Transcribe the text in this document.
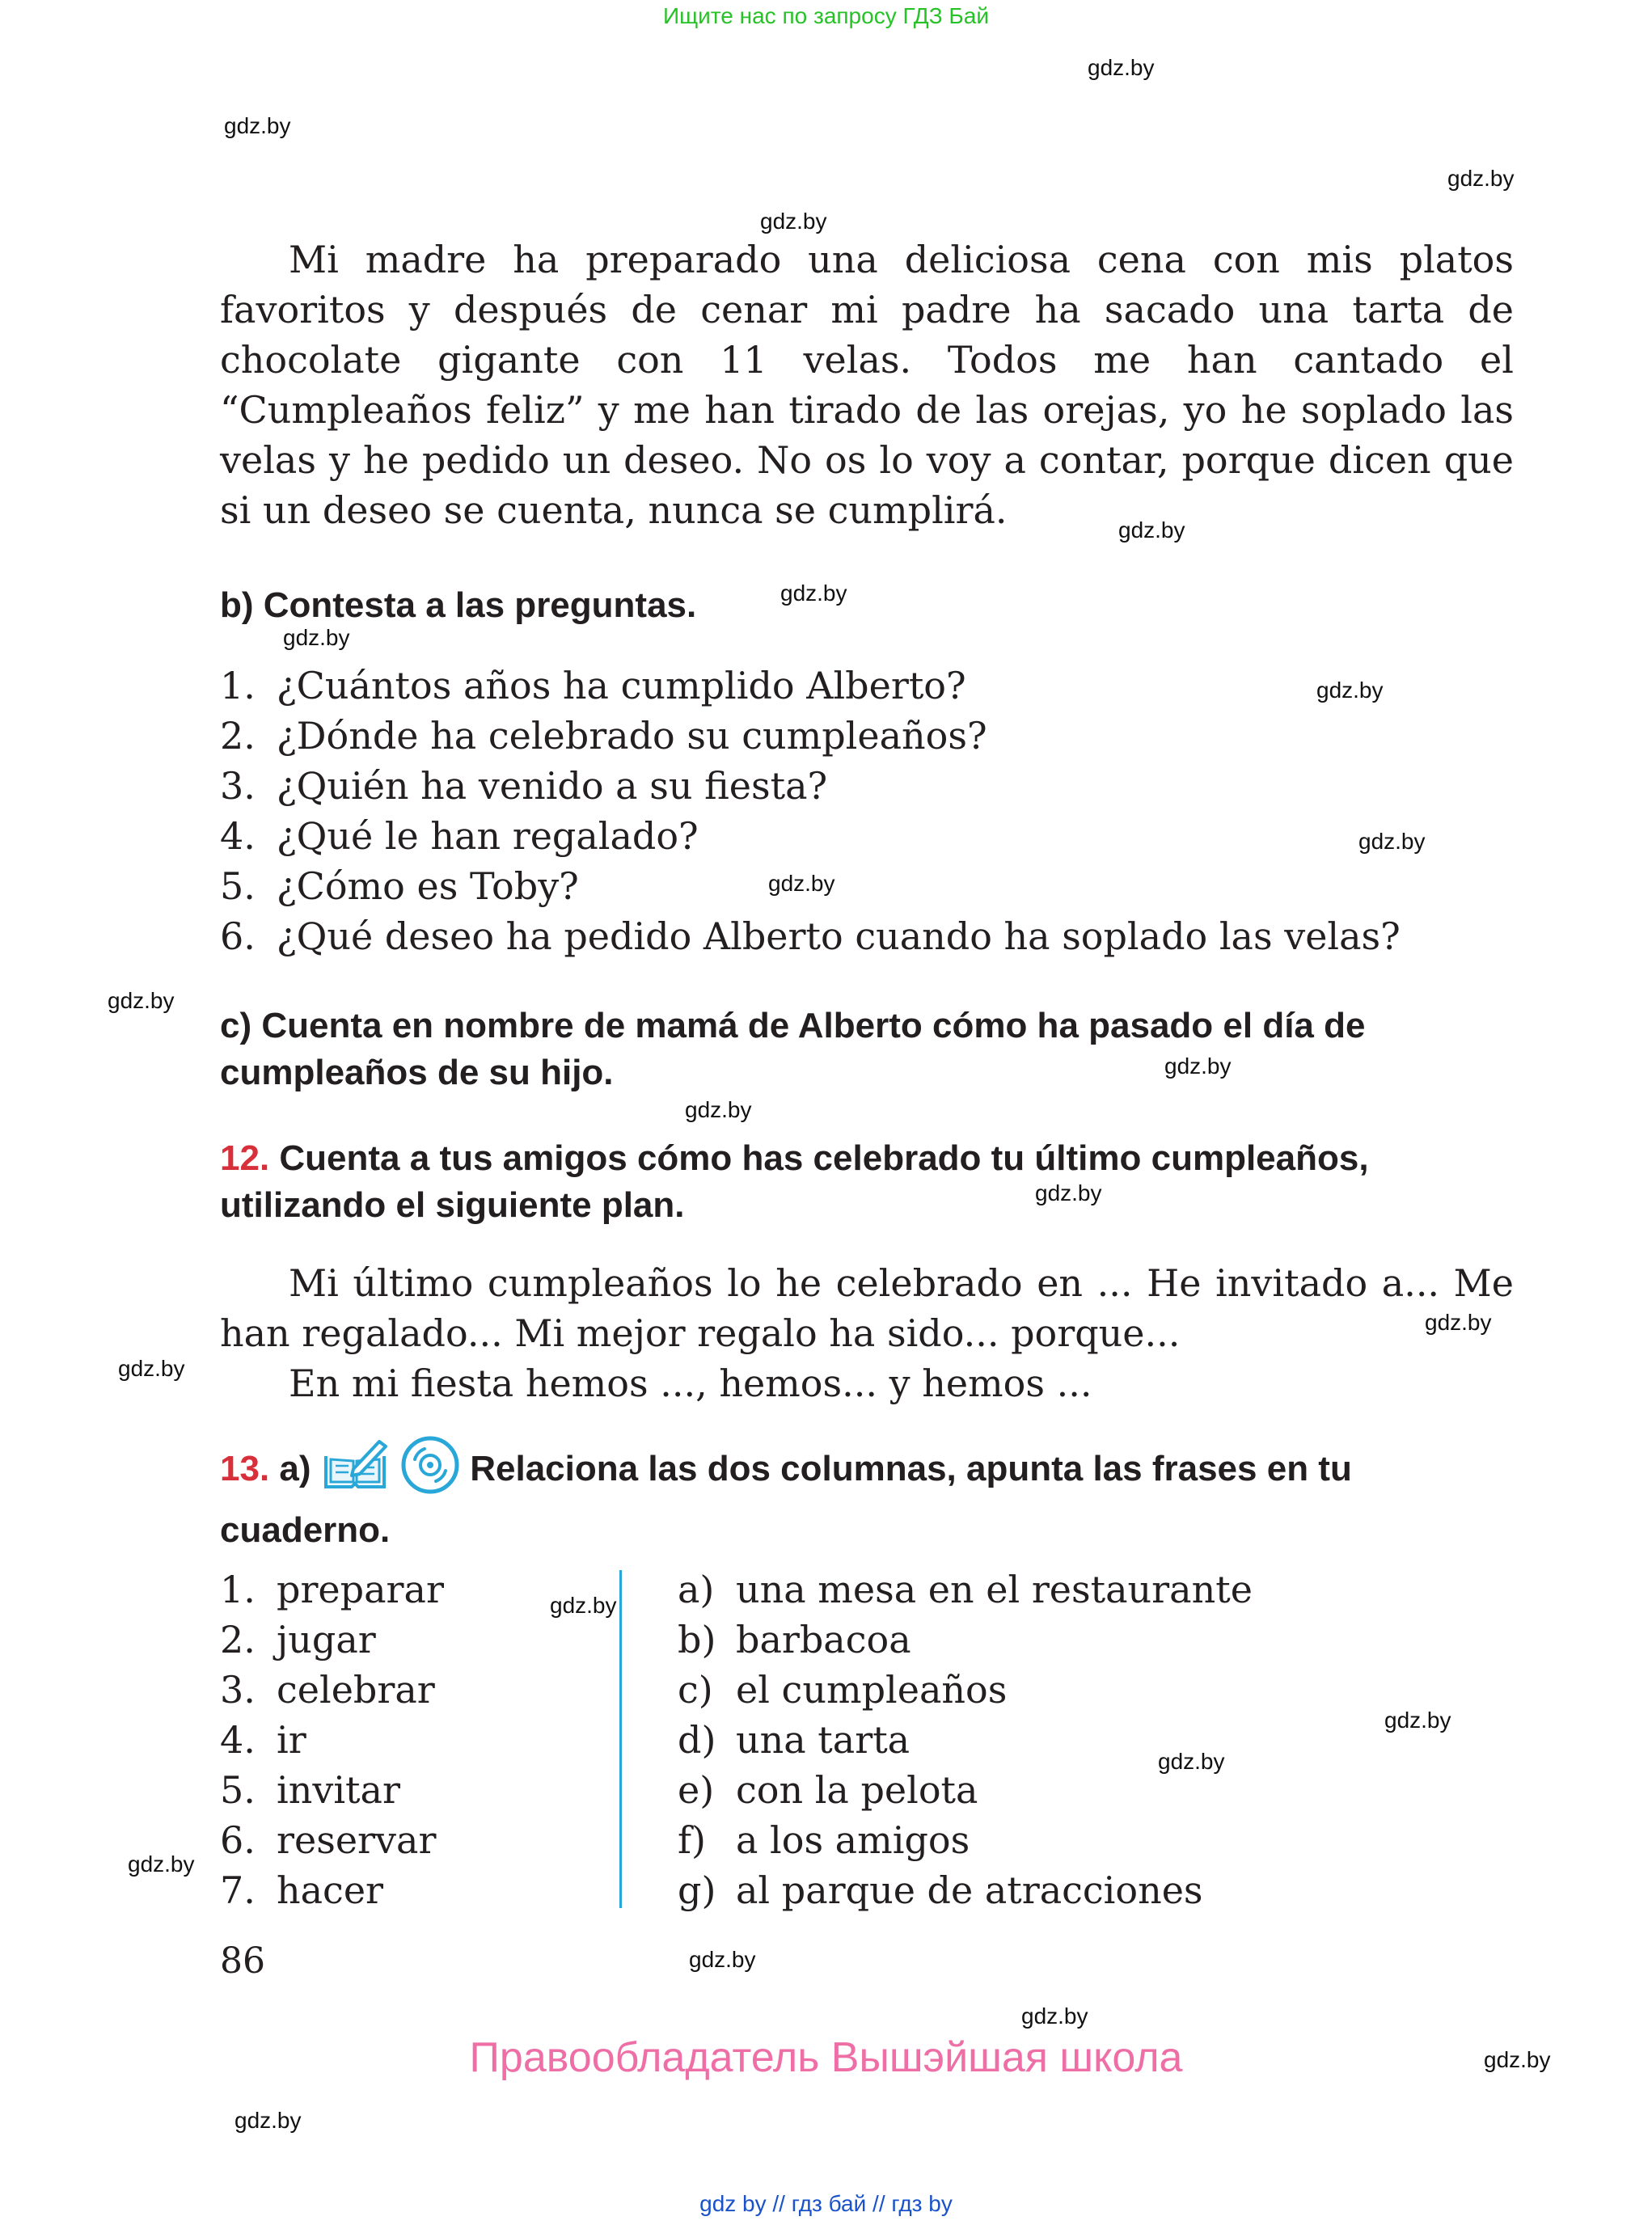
Ищите нас по запросу ГДЗ Бай
gdz.by
gdz.by
gdz.by
gdz.by
gdz.by
gdz.by
gdz.by
gdz.by
gdz.by
gdz.by
gdz.by
gdz.by
gdz.by
gdz.by
gdz.by
gdz.by
gdz.by
gdz.by
gdz.by
gdz.by
gdz.by
gdz.by
gdz.by
gdz.by

Mi madre ha preparado una deliciosa cena con mis platos favoritos y después de cenar mi padre ha sacado una tarta de chocolate gigante con 11 velas. Todos me han cantado el “Cumpleaños feliz” y me han tirado de las orejas, yo he soplado las velas y he pedido un deseo. No os lo voy a contar, porque dicen que si un deseo se cuenta, nunca se cumplirá.

b) Contesta a las preguntas.
1. ¿Cuántos años ha cumplido Alberto?
2. ¿Dónde ha celebrado su cumpleaños?
3. ¿Quién ha venido a su fiesta?
4. ¿Qué le han regalado?
5. ¿Cómo es Toby?
6. ¿Qué deseo ha pedido Alberto cuando ha soplado las velas?
c) Cuenta en nombre de mamá de Alberto cómo ha pasado el día de
cumpleaños de su hijo.
12. Cuenta a tus amigos cómo has celebrado tu último cumpleaños,
utilizando el siguiente plan.

Mi último cumpleaños lo he celebrado en ... He invitado a... Me han regalado... Mi mejor regalo ha sido... porque...

En mi fiesta hemos ..., hemos... y hemos ...

13. a)	Relaciona las dos columnas, apunta las frases en tu
cuaderno.
1. preparar
2. jugar
3. celebrar
4. ir
5. invitar
6. reservar
7. hacer
a) una mesa en el restaurante
b) barbacoa
c) el cumpleaños
d) una tarta
e) con la pelota
f) a los amigos
g) al parque de atracciones
86
Правообладатель Вышэйшая школа
gdz by // гдз бай // гдз by
